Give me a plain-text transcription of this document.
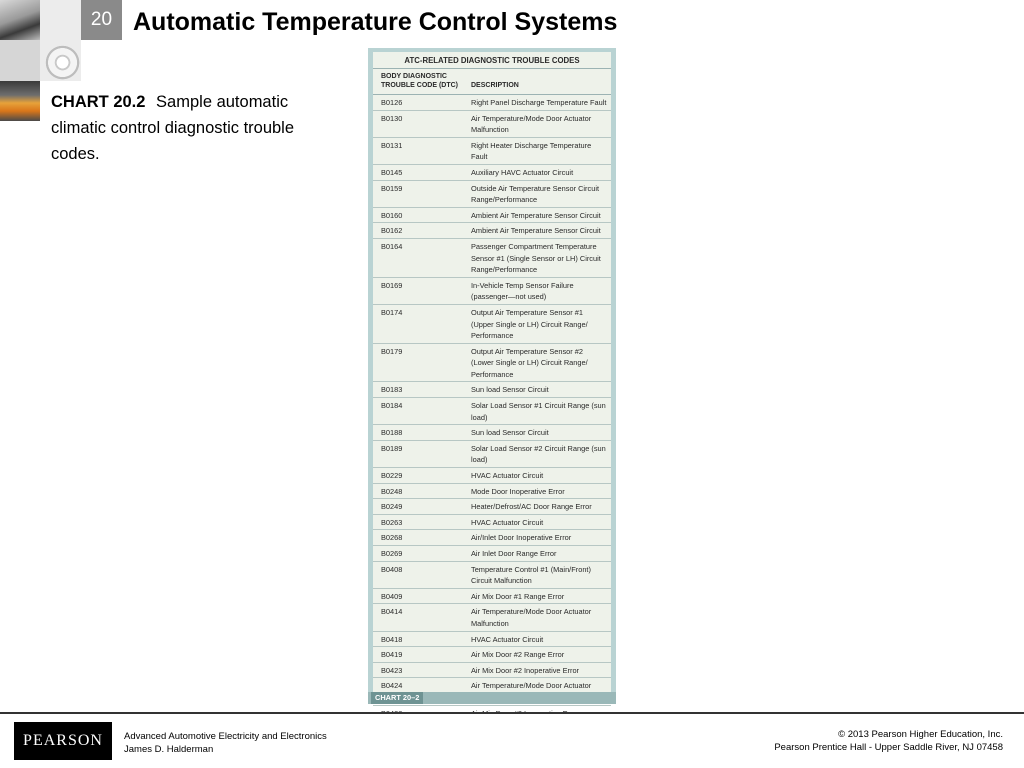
20 Automatic Temperature Control Systems
CHART 20.2 Sample automatic climatic control diagnostic trouble codes.
ATC-RELATED DIAGNOSTIC TROUBLE CODES
BODY DIAGNOSTIC TROUBLE CODE (DTC)	DESCRIPTION
B0126	Right Panel Discharge Temperature Fault
B0130	Air Temperature/Mode Door Actuator Malfunction
B0131	Right Heater Discharge Temperature Fault
B0145	Auxiliary HAVC Actuator Circuit
B0159	Outside Air Temperature Sensor Circuit Range/Performance
B0160	Ambient Air Temperature Sensor Circuit
B0162	Ambient Air Temperature Sensor Circuit
B0164	Passenger Compartment Temperature Sensor #1 (Single Sensor or LH) Circuit Range/Performance
B0169	In-Vehicle Temp Sensor Failure (passenger—not used)
B0174	Output Air Temperature Sensor #1 (Upper Single or LH) Circuit Range/ Performance
B0179	Output Air Temperature Sensor #2 (Lower Single or LH) Circuit Range/ Performance
B0183	Sun load Sensor Circuit
B0184	Solar Load Sensor #1 Circuit Range (sun load)
B0188	Sun load Sensor Circuit
B0189	Solar Load Sensor #2 Circuit Range (sun load)
B0229	HVAC Actuator Circuit
B0248	Mode Door Inoperative Error
B0249	Heater/Defrost/AC Door Range Error
B0263	HVAC Actuator Circuit
B0268	Air/Inlet Door Inoperative Error
B0269	Air Inlet Door Range Error
B0408	Temperature Control #1 (Main/Front) Circuit Malfunction
B0409	Air Mix Door #1 Range Error
B0414	Air Temperature/Mode Door Actuator Malfunction
B0418	HVAC Actuator Circuit
B0419	Air Mix Door #2 Range Error
B0423	Air Mix Door #2 Inoperative Error
B0424	Air Temperature/Mode Door Actuator
CHART 20–2
PEARSON	Advanced Automotive Electricity and Electronics
James D. Halderman
© 2013 Pearson Higher Education, Inc.
Pearson Prentice Hall - Upper Saddle River, NJ 07458
